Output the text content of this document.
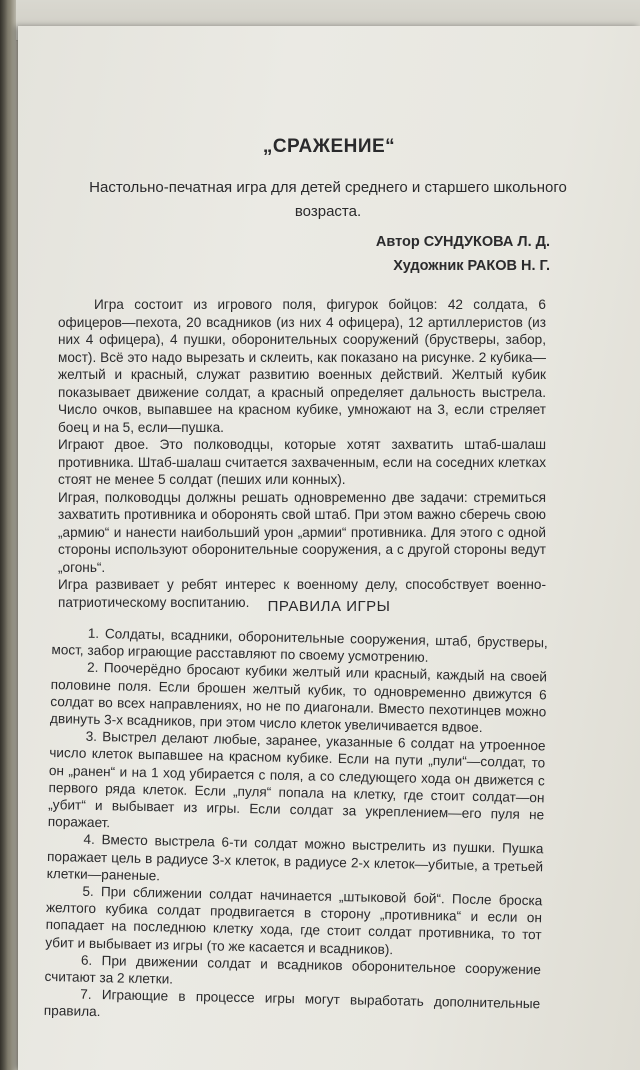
„СРАЖЕНИЕ“
Настольно-печатная игра для детей среднего и старшего школьного возраста.
Автор СУНДУКОВА Л. Д.
Художник РАКОВ Н. Г.

Игра состоит из игрового поля, фигурок бойцов: 42 солдата, 6 офицеров—пехота, 20 всадников (из них 4 офицера), 12 артиллеристов (из них 4 офицера), 4 пушки, оборонительных сооружений (брустверы, забор, мост). Всё это надо вырезать и склеить, как показано на рисунке. 2 кубика—желтый и красный, служат развитию военных действий. Желтый кубик показывает движение солдат, а красный определяет дальность выстрела. Число очков, выпавшее на красном кубике, умножают на 3, если стреляет боец и на 5, если—пушка.

Играют двое. Это полководцы, которые хотят захватить штаб-шалаш противника. Штаб-шалаш считается захваченным, если на соседних клетках стоят не менее 5 солдат (пеших или конных).

Играя, полководцы должны решать одновременно две задачи: стремиться захватить противника и оборонять свой штаб. При этом важно сберечь свою „армию“ и нанести наибольший урон „армии“ противника. Для этого с одной стороны используют оборонительные сооружения, а с другой стороны ведут „огонь“.

Игра развивает у ребят интерес к военному делу, способствует военно-патриотическому воспитанию.	ПРАВИЛА ИГРЫ

1. Солдаты, всадники, оборонительные сооружения, штаб, брустверы, мост, забор играющие расставляют по своему усмотрению.

2. Поочерёдно бросают кубики желтый или красный, каждый на своей половине поля. Если брошен желтый кубик, то одновременно движутся 6 солдат во всех направлениях, но не по диагонали. Вместо пехотинцев можно двинуть 3-х всадников, при этом число клеток увеличивается вдвое.

3. Выстрел делают любые, заранее, указанные 6 солдат на утроенное число клеток выпавшее на красном кубике. Если на пути „пули“—солдат, то он „ранен“ и на 1 ход убирается с поля, а со следующего хода он движется с первого ряда клеток. Если „пуля“ попала на клетку, где стоит солдат—он „убит“ и выбывает из игры. Если солдат за укреплением—его пуля не поражает.

4. Вместо выстрела 6-ти солдат можно выстрелить из пушки. Пушка поражает цель в радиусе 3-х клеток, в радиусе 2-х клеток—убитые, а третьей клетки—раненые.

5. При сближении солдат начинается „штыковой бой“. После броска желтого кубика солдат продвигается в сторону „противника“ и если он попадает на последнюю клетку хода, где стоит солдат противника, то тот убит и выбывает из игры (то же касается и всадников).

6. При движении солдат и всадников оборонительное сооружение считают за 2 клетки.

7. Играющие в процессе игры могут выработать дополнительные правила.
